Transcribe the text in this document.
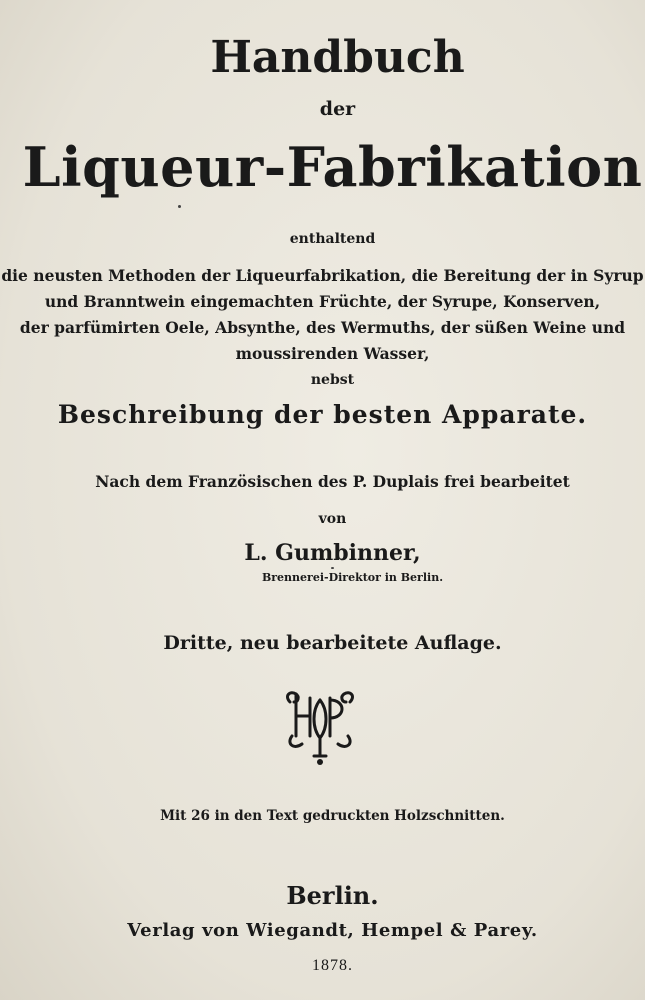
Handbuch
der
Liqueur-Fabrikation
enthaltend
die neusten Methoden der Liqueurfabrikation, die Bereitung der in Syrup
und Branntwein eingemachten Früchte, der Syrupe, Konserven,
der parfümirten Oele, Absynthe, des Wermuths, der süßen Weine und
moussirenden Wasser,
nebst
Beschreibung der besten Apparate.
Nach dem Französischen des P. Duplais frei bearbeitet
von
L. Gumbinner,
Brennerei-Direktor in Berlin.
Dritte, neu bearbeitete Auflage.
Mit 26 in den Text gedruckten Holzschnitten.
Berlin.
Verlag von Wiegandt, Hempel & Parey.
1878.
